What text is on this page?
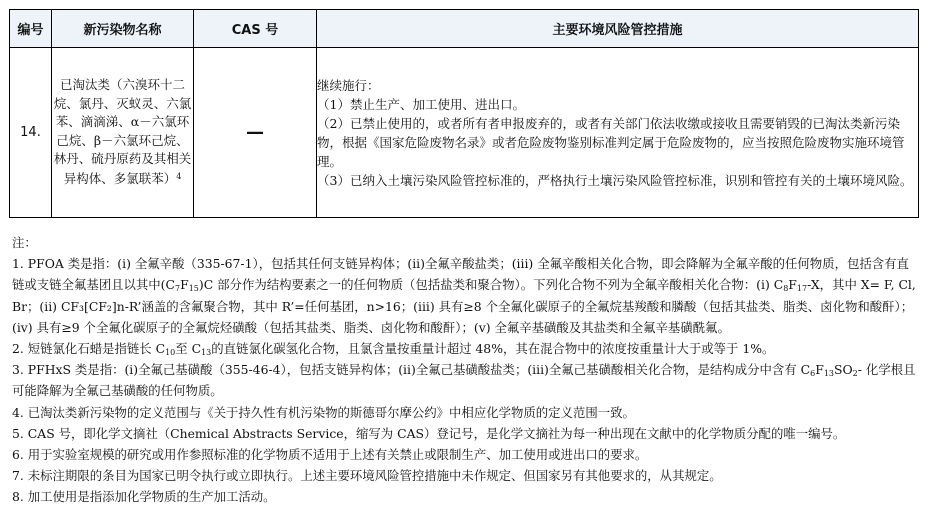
编号	新污染物名称	CAS 号	主要环境风险管控措施
14.	已淘汰类（六溴环十二烷、氯丹、灭蚁灵、六氯苯、滴滴涕、α－六氯环己烷、β－六氯环己烷、林丹、硫丹原药及其相关异构体、多氯联苯）$^4$	—	继续施行：

（1）禁止生产、加工使用、进出口。

（2）已禁止使用的，或者所有者申报废弃的，或者有关部门依法收缴或接收且需要销毁的已淘汰类新污染物，根据《国家危险废物名录》或者危险废物鉴别标准判定属于危险废物的，应当按照危险废物实施环境管理。

（3）已纳入土壤污染风险管控标准的，严格执行土壤污染风险管控标准，识别和管控有关的土壤环境风险。

注：

1. PFOA 类是指：(i) 全氟辛酸（335-67-1），包括其任何支链异构体；(ii)全氟辛酸盐类；(iii) 全氟辛酸相关化合物，即会降解为全氟辛酸的任何物质，包括含有直链或支链全氟基团且以其中$(C_7F_{15})C$ 部分作为结构要素之一的任何物质（包括盐类和聚合物）。下列化合物不列为全氟辛酸相关化合物：(i) $C_8F_{17}-X$，其中 X= F, Cl, Br；(ii) CF₃[CF₂]n-R’涵盖的含氟聚合物，其中 R’=任何基团，n>16；(iii) 具有≥8 个全氟化碳原子的全氟烷基羧酸和膦酸（包括其盐类、脂类、卤化物和酸酐）；(iv) 具有≥9 个全氟化碳原子的全氟烷烃磺酸（包括其盐类、脂类、卤化物和酸酐）；(v) 全氟辛基磺酸及其盐类和全氟辛基磺酰氟。

2. 短链氯化石蜡是指链长 $C_{10}$至 $C_{13}$的直链氯化碳氢化合物，且氯含量按重量计超过 48%，其在混合物中的浓度按重量计大于或等于 1%。

3. PFHxS 类是指：(i)全氟己基磺酸（355-46-4），包括支链异构体；(ii)全氟己基磺酸盐类；(iii)全氟己基磺酸相关化合物，是结构成分中含有 $C_6F_{13}SO_2-$ 化学根且可能降解为全氟己基磺酸的任何物质。

4. 已淘汰类新污染物的定义范围与《关于持久性有机污染物的斯德哥尔摩公约》中相应化学物质的定义范围一致。

5. CAS 号，即化学文摘社（Chemical Abstracts Service，缩写为 CAS）登记号，是化学文摘社为每一种出现在文献中的化学物质分配的唯一编号。

6. 用于实验室规模的研究或用作参照标准的化学物质不适用于上述有关禁止或限制生产、加工使用或进出口的要求。

7. 未标注期限的条目为国家已明令执行或立即执行。上述主要环境风险管控措施中未作规定、但国家另有其他要求的，从其规定。

8. 加工使用是指添加化学物质的生产加工活动。
